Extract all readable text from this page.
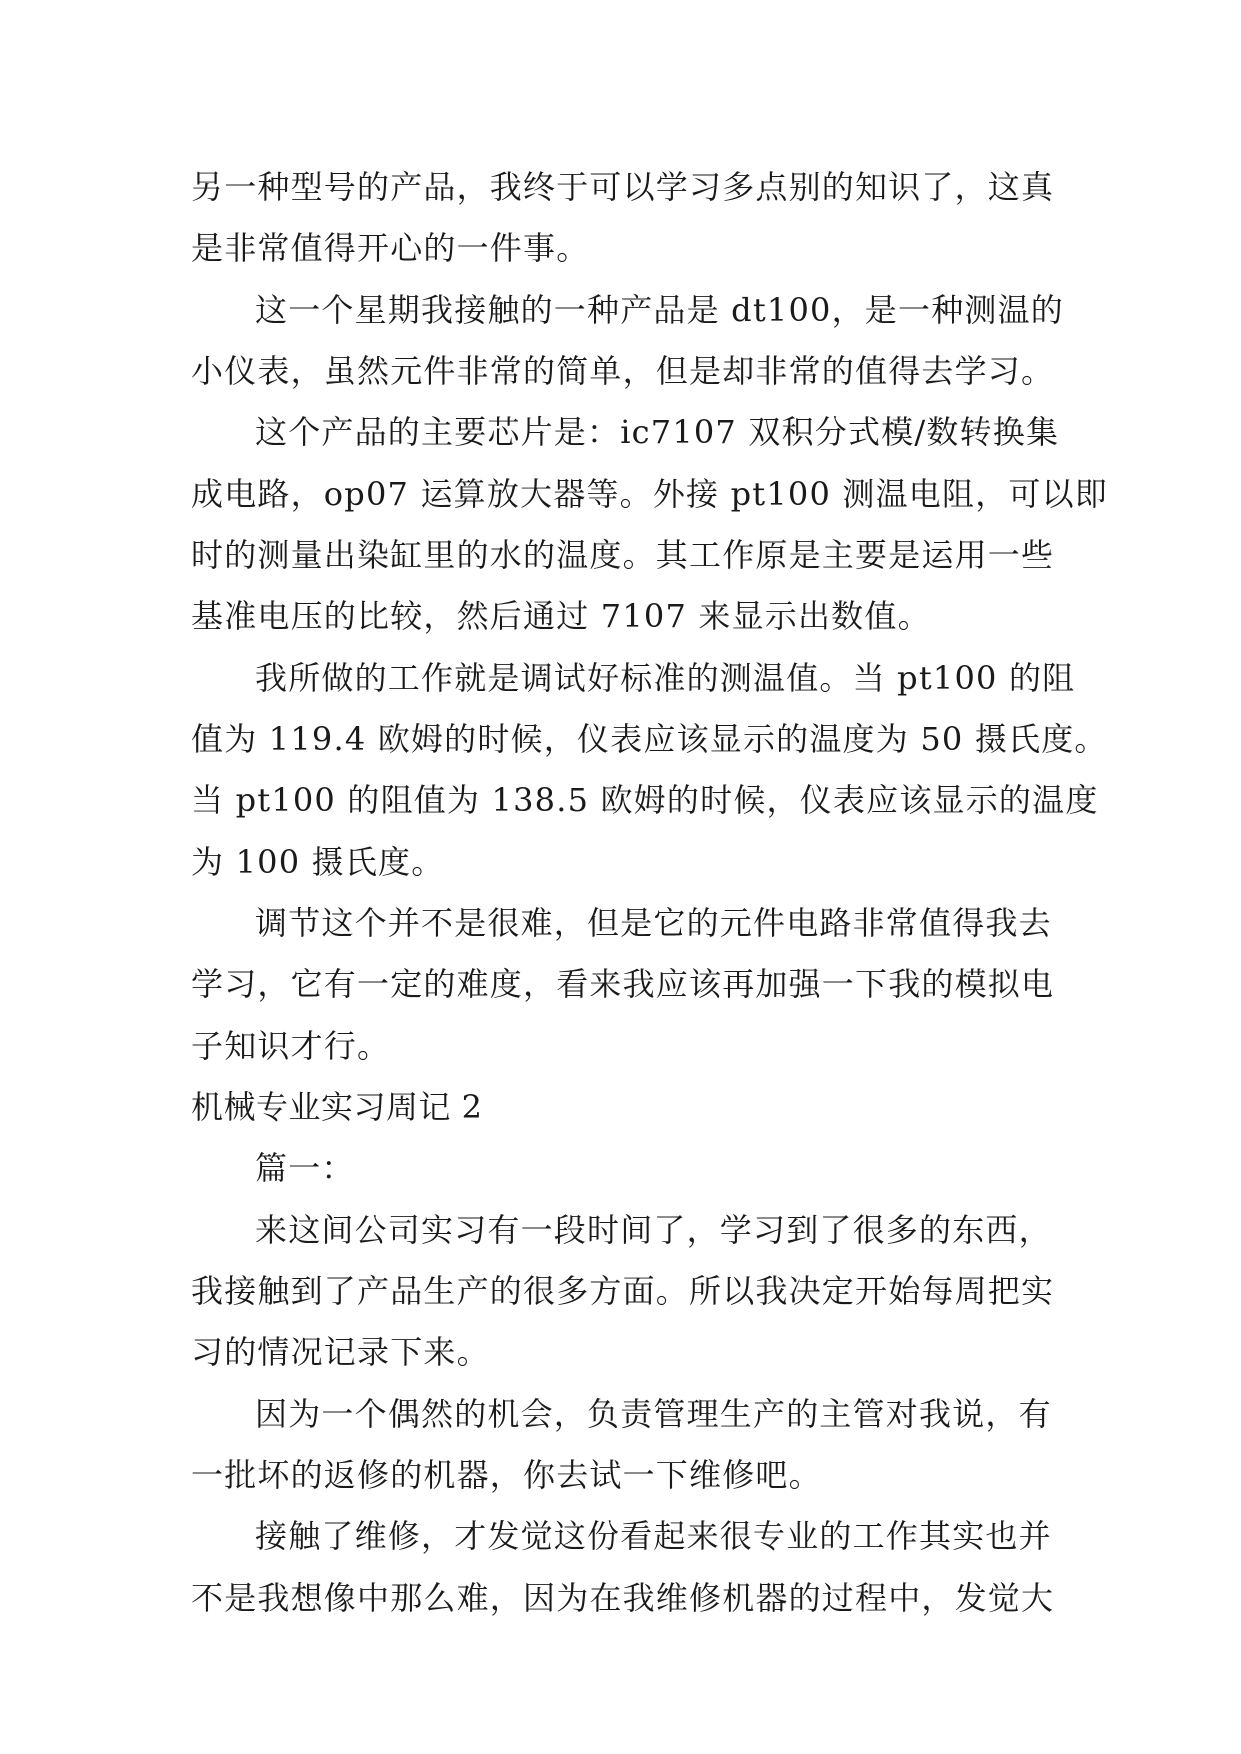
另一种型号的产品，我终于可以学习多点别的知识了，这真
是非常值得开心的一件事。
这一个星期我接触的一种产品是 dt100，是一种测温的
小仪表，虽然元件非常的简单，但是却非常的值得去学习。
这个产品的主要芯片是：ic7107 双积分式模/数转换集
成电路，op07 运算放大器等。外接 pt100 测温电阻，可以即
时的测量出染缸里的水的温度。其工作原是主要是运用一些
基准电压的比较，然后通过 7107 来显示出数值。
我所做的工作就是调试好标准的测温值。当 pt100 的阻
值为 119.4 欧姆的时候，仪表应该显示的温度为 50 摄氏度。
当 pt100 的阻值为 138.5 欧姆的时候，仪表应该显示的温度
为 100 摄氏度。
调节这个并不是很难，但是它的元件电路非常值得我去
学习，它有一定的难度，看来我应该再加强一下我的模拟电
子知识才行。
机械专业实习周记 2
篇一：
来这间公司实习有一段时间了，学习到了很多的东西，
我接触到了产品生产的很多方面。所以我决定开始每周把实
习的情况记录下来。
因为一个偶然的机会，负责管理生产的主管对我说，有
一批坏的返修的机器，你去试一下维修吧。
接触了维修，才发觉这份看起来很专业的工作其实也并
不是我想像中那么难，因为在我维修机器的过程中，发觉大
